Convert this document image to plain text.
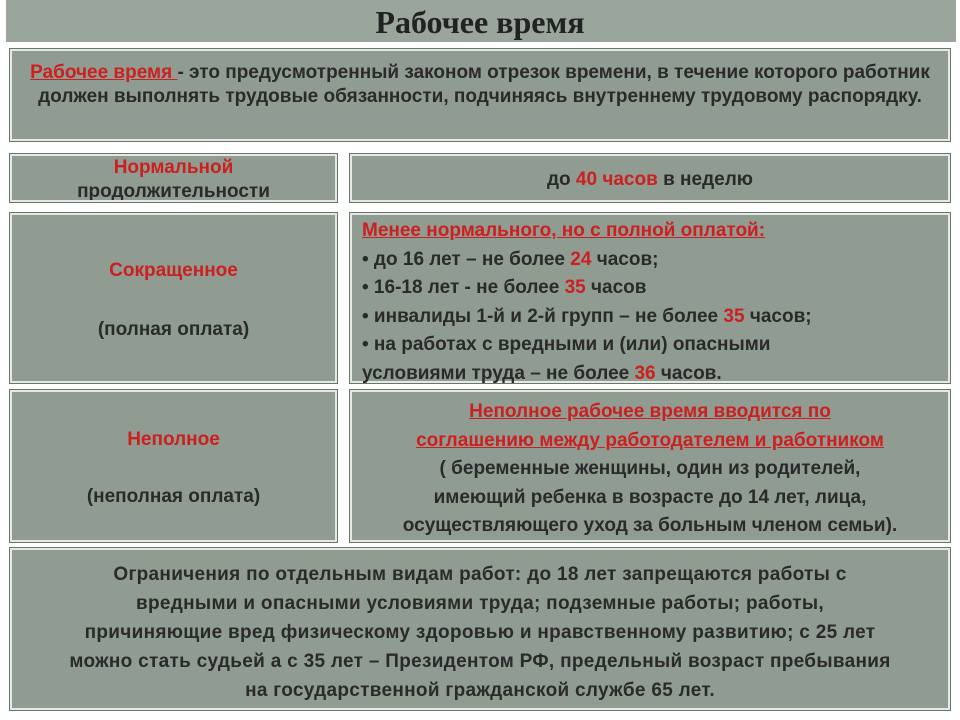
Рабочее время
Рабочее время - это предусмотренный законом отрезок времени, в течение которого работник должен выполнять трудовые обязанности, подчиняясь внутреннему трудовому распорядку.
Нормальной
продолжительности
до 40 часов в неделю
Сокращенное
(полная оплата)
Менее нормального, но с полной оплатой:
• до 16 лет – не более 24 часов;
• 16-18 лет - не более 35 часов
• инвалиды 1-й и 2-й групп – не более 35 часов;
• на работах с вредными и (или) опасными
условиями труда – не более 36 часов.
Неполное
(неполная оплата)
Неполное рабочее время вводится по
соглашению между работодателем и работником
( беременные женщины, один из родителей,
имеющий ребенка в возрасте до 14 лет, лица,
осуществляющего уход за больным членом семьи).
Ограничения по отдельным видам работ: до 18 лет запрещаются работы с
вредными и опасными условиями труда; подземные работы; работы,
причиняющие вред физическому здоровью и нравственному развитию; с 25 лет
можно стать судьей а с 35 лет – Президентом РФ, предельный возраст пребывания
на государственной гражданской службе 65 лет.
